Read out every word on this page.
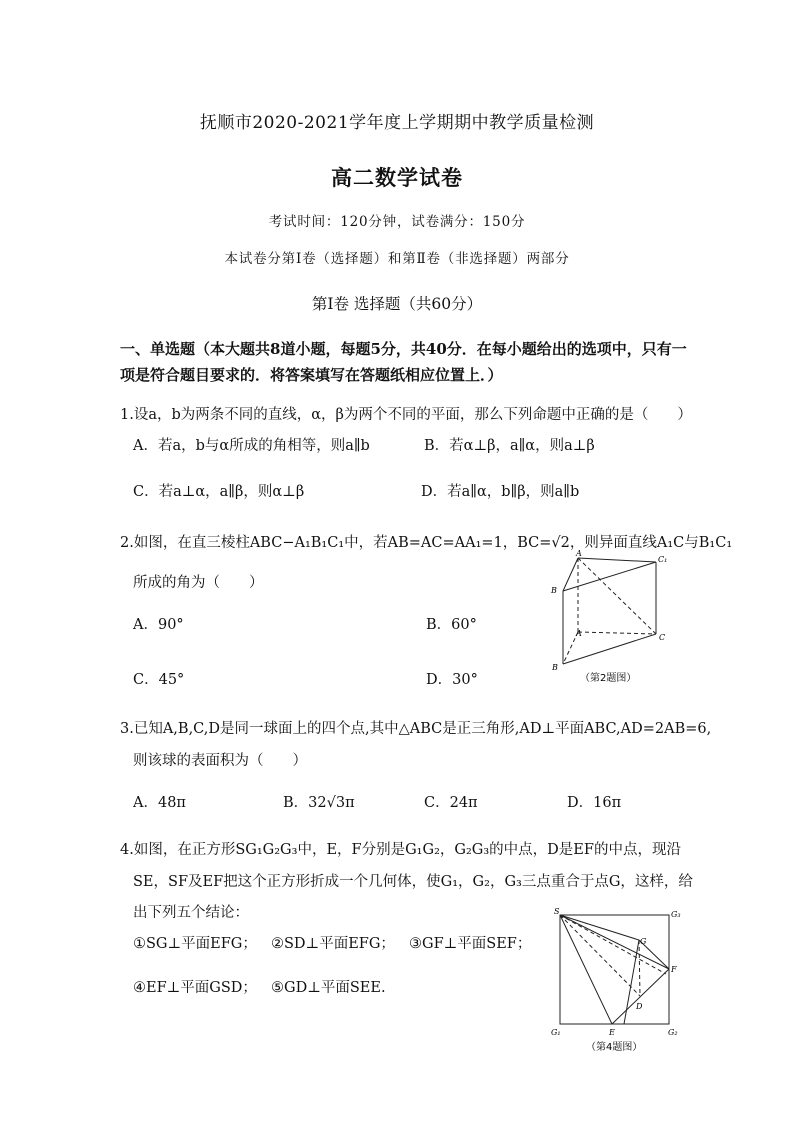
抚顺市2020-2021学年度上学期期中教学质量检测
高二数学试卷
考试时间：120分钟，试卷满分：150分
本试卷分第Ⅰ卷（选择题）和第Ⅱ卷（非选择题）两部分
第Ⅰ卷 选择题（共60分）
一、单选题（本大题共8道小题，每题5分，共40分．在每小题给出的选项中，只有一项是符合题目要求的．将答案填写在答题纸相应位置上．）
1.设a，b为两条不同的直线，α，β为两个不同的平面，那么下列命题中正确的是（　　）
A．若a，b与α所成的角相等，则a∥b	B．若α⊥β，a∥α，则a⊥β
C．若a⊥α，a∥β，则α⊥β	D．若a∥α，b∥β，则a∥b
2.如图，在直三棱柱ABC−A₁B₁C₁中，若AB=AC=AA₁=1，BC=√2，则异面直线A₁C与B₁C₁
所成的角为（　　）
A．90°	B．60°
C．45°	D．30°
A
C₁
B
A	C
B
（第2题图）
3.已知A,B,C,D是同一球面上的四个点,其中△ABC是正三角形,AD⊥平面ABC,AD=2AB=6,
则该球的表面积为（　　）
A．48π	B．32√3π	C．24π	D．16π
4.如图，在正方形SG₁G₂G₃中，E，F分别是G₁G₂，G₂G₃的中点，D是EF的中点，现沿
SE，SF及EF把这个正方形折成一个几何体，使G₁，G₂，G₃三点重合于点G，这样，给
出下列五个结论：
①SG⊥平面EFG； ②SD⊥平面EFG； ③GF⊥平面SEF；
④EF⊥平面GSD； ⑤GD⊥平面SEE.
S	G₃
G
F
D
G₁	E	G₂
（第4题图）
